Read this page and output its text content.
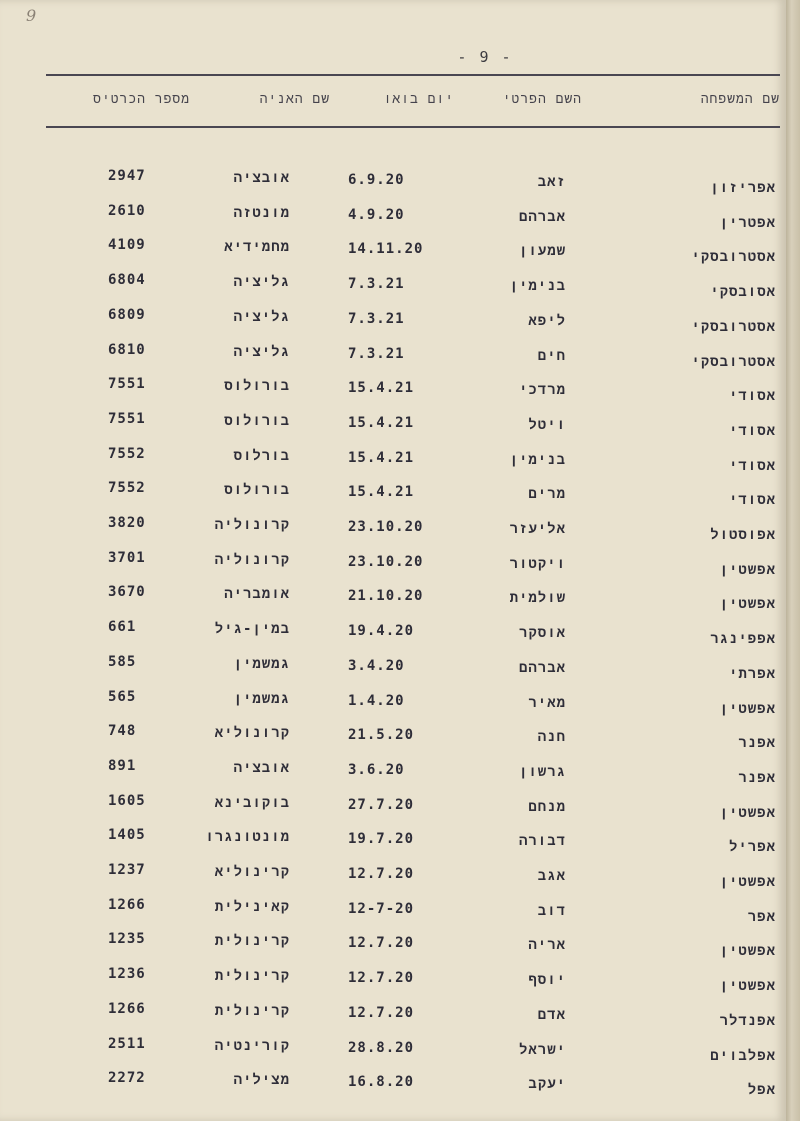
9
- 9 -
שם המשפחה
השם הפרטי
יום בואו
שם האניה
מספר הכרטיס
אפריזון
זאב
6.9.20
אובציה
2947
אפטרין
אברהם
4.9.20
מונטזה
2610
אסטרובסקי
שמעון
14.11.20
מחמידיא
4109
אסובסקי
בנימין
7.3.21
גליציה
6804
אסטרובסקי
ליפא
7.3.21
גליציה
6809
אסטרובסקי
חים
7.3.21
גליציה
6810
אסודי
מרדכי
15.4.21
בורולוס
7551
אסודי
ויטל
15.4.21
בורולוס
7551
אסודי
בנימין
15.4.21
בורלוס
7552
אסודי
מרים
15.4.21
בורולוס
7552
אפוסטול
אליעזר
23.10.20
קרונוליה
3820
אפשטין
ויקטור
23.10.20
קרונוליה
3701
אפשטין
שולמית
21.10.20
אומבריה
3670
אפפינגר
אוסקר
19.4.20
במין-גיל
661
אפרתי
אברהם
3.4.20
גמשמין
585
אפשטין
מאיר
1.4.20
גמשמין
565
אפנר
חנה
21.5.20
קרונוליא
748
אפנר
גרשון
3.6.20
אובציה
891
אפשטין
מנחם
27.7.20
בוקובינא
1605
אפריל
דבורה
19.7.20
מונטונגרו
1405
אפשטין
אגב
12.7.20
קרינוליא
1237
אפר
דוב
12-7-20
קאינילית
1266
אפשטין
אריה
12.7.20
קרינולית
1235
אפשטין
יוסף
12.7.20
קרינולית
1236
אפנדלר
אדם
12.7.20
קרינולית
1266
אפלבוים
ישראל
28.8.20
קורינטיה
2511
אפל
יעקב
16.8.20
מציליה
2272
